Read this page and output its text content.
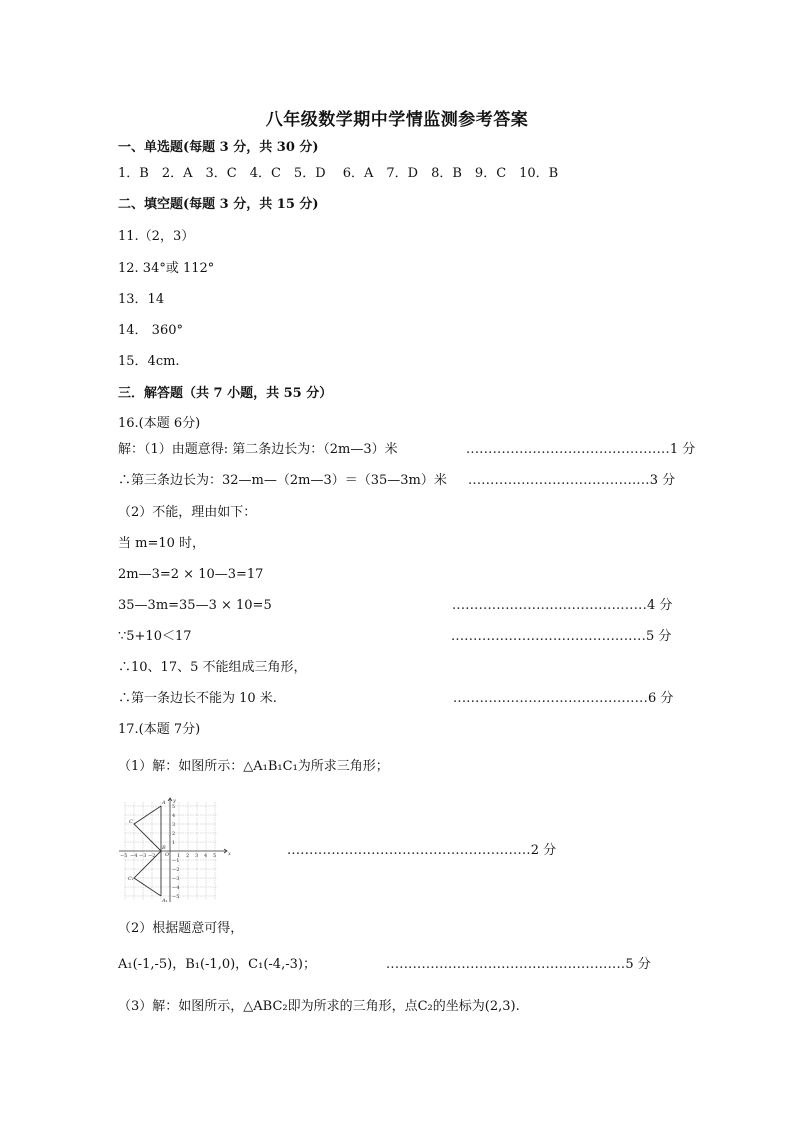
八年级数学期中学情监测参考答案
一、单选题(每题 3 分，共 30 分)
1．B　2．A　3．C　4．C　5．D　 6．A　7．D　8．B　9．C　10．B
二、填空题(每题 3 分，共 15 分)
11.（2，3）
12. 34°或 112°
13．14
14． 360°
15．4cm.
三．解答题（共 7 小题，共 55 分）
16.(本题 6分)
解：（1）由题意得: 第二条边长为：（2m—3）米	..............................................1 分
∴第三条边长为：32—m—（2m—3）＝（35—3m）米 .........................................3 分
（2）不能，理由如下：
当 m=10 时，
2m—3=2 × 10—3=17
35—3m=35—3 × 10=5	............................................4 分
∵5+10＜17	............................................5 分
∴10、17、5 不能组成三角形，
∴第一条边长不能为 10 米.	............................................6 分
17.(本题 7分)
（1）解：如图所示：△A₁B₁C₁为所求三角形；
−5 −4 −3 −2	1 2 3 4 5 x
y
5
4
3
2
1
−1
−2
−3
−4
−5
O
A
B
C
C₁
A₁
.......................................................2 分
（2）根据题意可得，
A₁(-1,-5)，B₁(-1,0)，C₁(-4,-3)；	......................................................5 分
（3）解：如图所示，△ABC₂即为所求的三角形，点C₂的坐标为(2,3).
